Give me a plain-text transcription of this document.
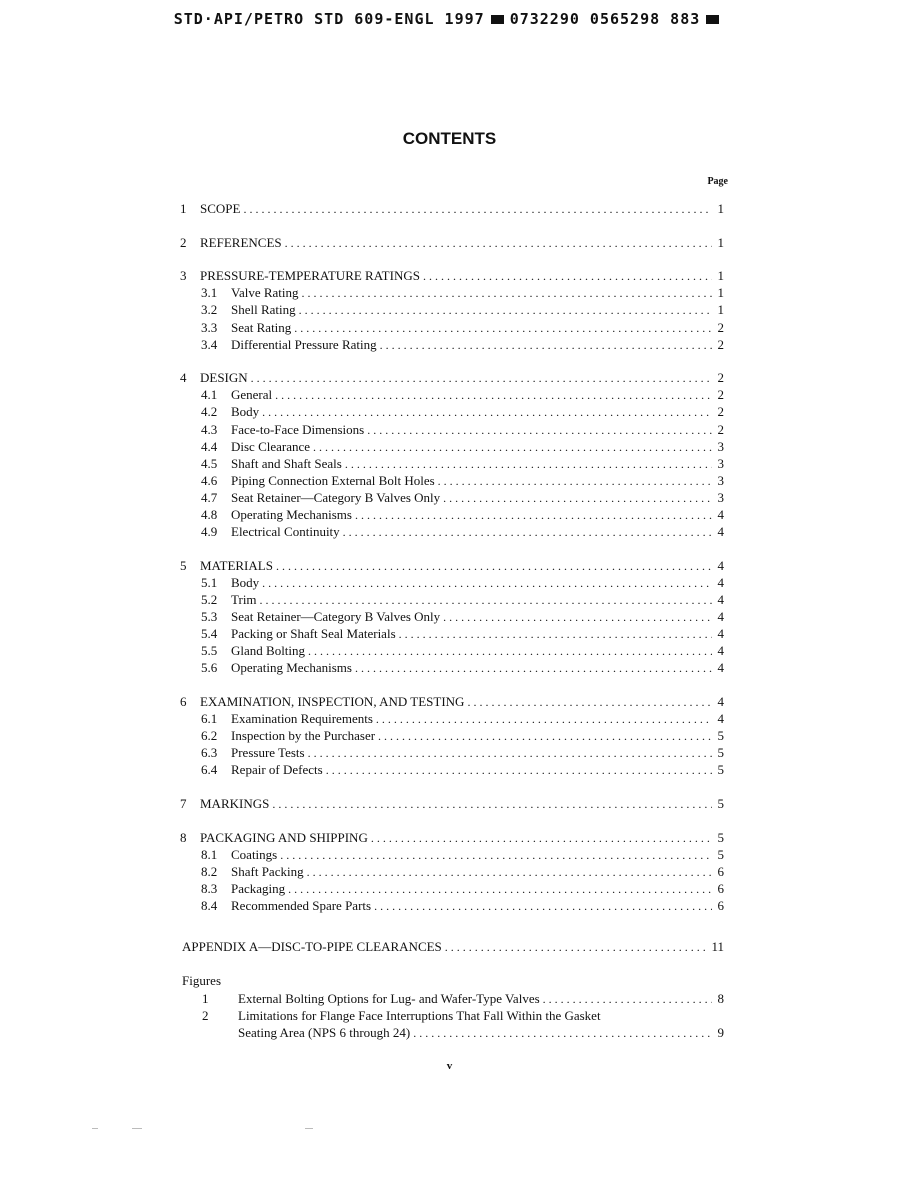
STD·API/PETRO STD 609-ENGL 1997 0732290 0565298 883
CONTENTS
Page
1	SCOPE . . .	1
2	REFERENCES . . .	1
3	PRESSURE-TEMPERATURE RATINGS . . .	1
3.1	Valve Rating . . .	1
3.2	Shell Rating . . .	1
3.3	Seat Rating . . .	2
3.4	Differential Pressure Rating . . .	2
4	DESIGN . . .	2
4.1	General . . .	2
4.2	Body . . .	2
4.3	Face-to-Face Dimensions . . .	2
4.4	Disc Clearance . . .	3
4.5	Shaft and Shaft Seals . . .	3
4.6	Piping Connection External Bolt Holes . . .	3
4.7	Seat Retainer—Category B Valves Only . . .	3
4.8	Operating Mechanisms . . .	4
4.9	Electrical Continuity . . .	4
5	MATERIALS . . .	4
5.1	Body . . .	4
5.2	Trim . . .	4
5.3	Seat Retainer—Category B Valves Only . . .	4
5.4	Packing or Shaft Seal Materials . . .	4
5.5	Gland Bolting . . .	4
5.6	Operating Mechanisms . . .	4
6	EXAMINATION, INSPECTION, AND TESTING . . .	4
6.1	Examination Requirements . . .	4
6.2	Inspection by the Purchaser . . .	5
6.3	Pressure Tests . . .	5
6.4	Repair of Defects . . .	5
7	MARKINGS . . .	5
8	PACKAGING AND SHIPPING . . .	5
8.1	Coatings . . .	5
8.2	Shaft Packing . . .	6
8.3	Packaging . . .	6
8.4	Recommended Spare Parts . . .	6
APPENDIX A—DISC-TO-PIPE CLEARANCES . . .	11
Figures
1	External Bolting Options for Lug- and Wafer-Type Valves . . .	8
2 Limitations for Flange Face Interruptions That Fall Within the Gasket
Seating Area (NPS 6 through 24) . . .	9
v
